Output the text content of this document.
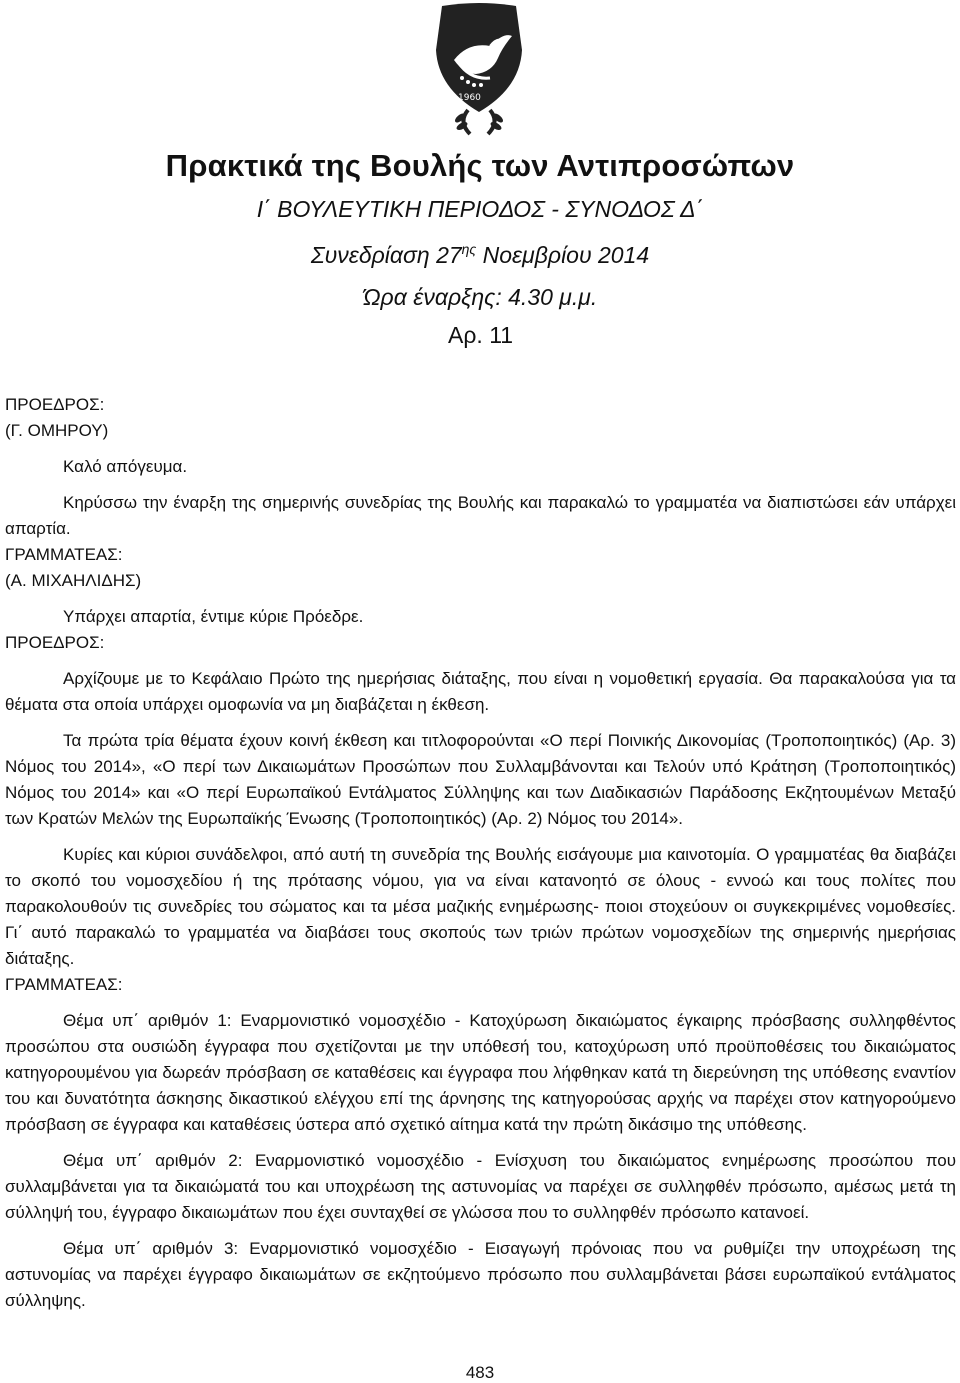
1960
Πρακτικά της Βουλής των Αντιπροσώπων
Ι΄ ΒΟΥΛΕΥΤΙΚΗ ΠΕΡΙΟΔΟΣ - ΣΥΝΟΔΟΣ Δ΄
Συνεδρίαση $27^{\eta\varsigma}$ Νοεμβρίου 2014
Ώρα έναρξης: 4.30 μ.μ.
Αρ. 11

ΠΡΟΕΔΡΟΣ:

(Γ. ΟΜΗΡΟΥ)

Καλό απόγευμα.

Κηρύσσω την έναρξη της σημερινής συνεδρίας της Βουλής και παρακαλώ το γραμματέα να διαπιστώσει εάν υπάρχει απαρτία.

ΓΡΑΜΜΑΤΕΑΣ:

(Α. ΜΙΧΑΗΛΙΔΗΣ)

Υπάρχει απαρτία, έντιμε κύριε Πρόεδρε.

ΠΡΟΕΔΡΟΣ:

Αρχίζουμε με το Κεφάλαιο Πρώτο της ημερήσιας διάταξης, που είναι η νομοθετική εργασία. Θα παρακαλούσα για τα θέματα στα οποία υπάρχει ομοφωνία να μη διαβάζεται η έκθεση.

Τα πρώτα τρία θέματα έχουν κοινή έκθεση και τιτλοφορούνται «Ο περί Ποινικής Δικονομίας (Τροποποιητικός) (Αρ. 3) Νόμος του 2014», «Ο περί των Δικαιωμάτων Προσώπων που Συλλαμβάνονται και Τελούν υπό Κράτηση (Τροποποιητικός) Νόμος του 2014» και «Ο περί Ευρωπαϊκού Εντάλματος Σύλληψης και των Διαδικασιών Παράδοσης Εκζητουμένων Μεταξύ των Κρατών Μελών της Ευρωπαϊκής Ένωσης (Τροποποιητικός) (Αρ. 2) Νόμος του 2014».

Κυρίες και κύριοι συνάδελφοι, από αυτή τη συνεδρία της Βουλής εισάγουμε μια καινοτομία. Ο γραμματέας θα διαβάζει το σκοπό του νομοσχεδίου ή της πρότασης νόμου, για να είναι κατανοητό σε όλους - εννοώ και τους πολίτες που παρακολουθούν τις συνεδρίες του σώματος και τα μέσα μαζικής ενημέρωσης- ποιοι στοχεύουν οι συγκεκριμένες νομοθεσίες. Γι΄ αυτό παρακαλώ το γραμματέα να διαβάσει τους σκοπούς των τριών πρώτων νομοσχεδίων της σημερινής ημερήσιας διάταξης.

ΓΡΑΜΜΑΤΕΑΣ:

Θέμα υπ΄ αριθμόν 1: Εναρμονιστικό νομοσχέδιο - Κατοχύρωση δικαιώματος έγκαιρης πρόσβασης συλληφθέντος προσώπου στα ουσιώδη έγγραφα που σχετίζονται με την υπόθεσή του, κατοχύρωση υπό προϋποθέσεις του δικαιώματος κατηγορουμένου για δωρεάν πρόσβαση σε καταθέσεις και έγγραφα που λήφθηκαν κατά τη διερεύνηση της υπόθεσης εναντίον του και δυνατότητα άσκησης δικαστικού ελέγχου επί της άρνησης της κατηγορούσας αρχής να παρέχει στον κατηγορούμενο πρόσβαση σε έγγραφα και καταθέσεις ύστερα από σχετικό αίτημα κατά την πρώτη δικάσιμο της υπόθεσης.

Θέμα υπ΄ αριθμόν 2: Εναρμονιστικό νομοσχέδιο - Ενίσχυση του δικαιώματος ενημέρωσης προσώπου που συλλαμβάνεται για τα δικαιώματά του και υποχρέωση της αστυνομίας να παρέχει σε συλληφθέν πρόσωπο, αμέσως μετά τη σύλληψή του, έγγραφο δικαιωμάτων που έχει συνταχθεί σε γλώσσα που το συλληφθέν πρόσωπο κατανοεί.

Θέμα υπ΄ αριθμόν 3: Εναρμονιστικό νομοσχέδιο - Εισαγωγή πρόνοιας που να ρυθμίζει την υποχρέωση της αστυνομίας να παρέχει έγγραφο δικαιωμάτων σε εκζητούμενο πρόσωπο που συλλαμβάνεται βάσει ευρωπαϊκού εντάλματος σύλληψης.

483
